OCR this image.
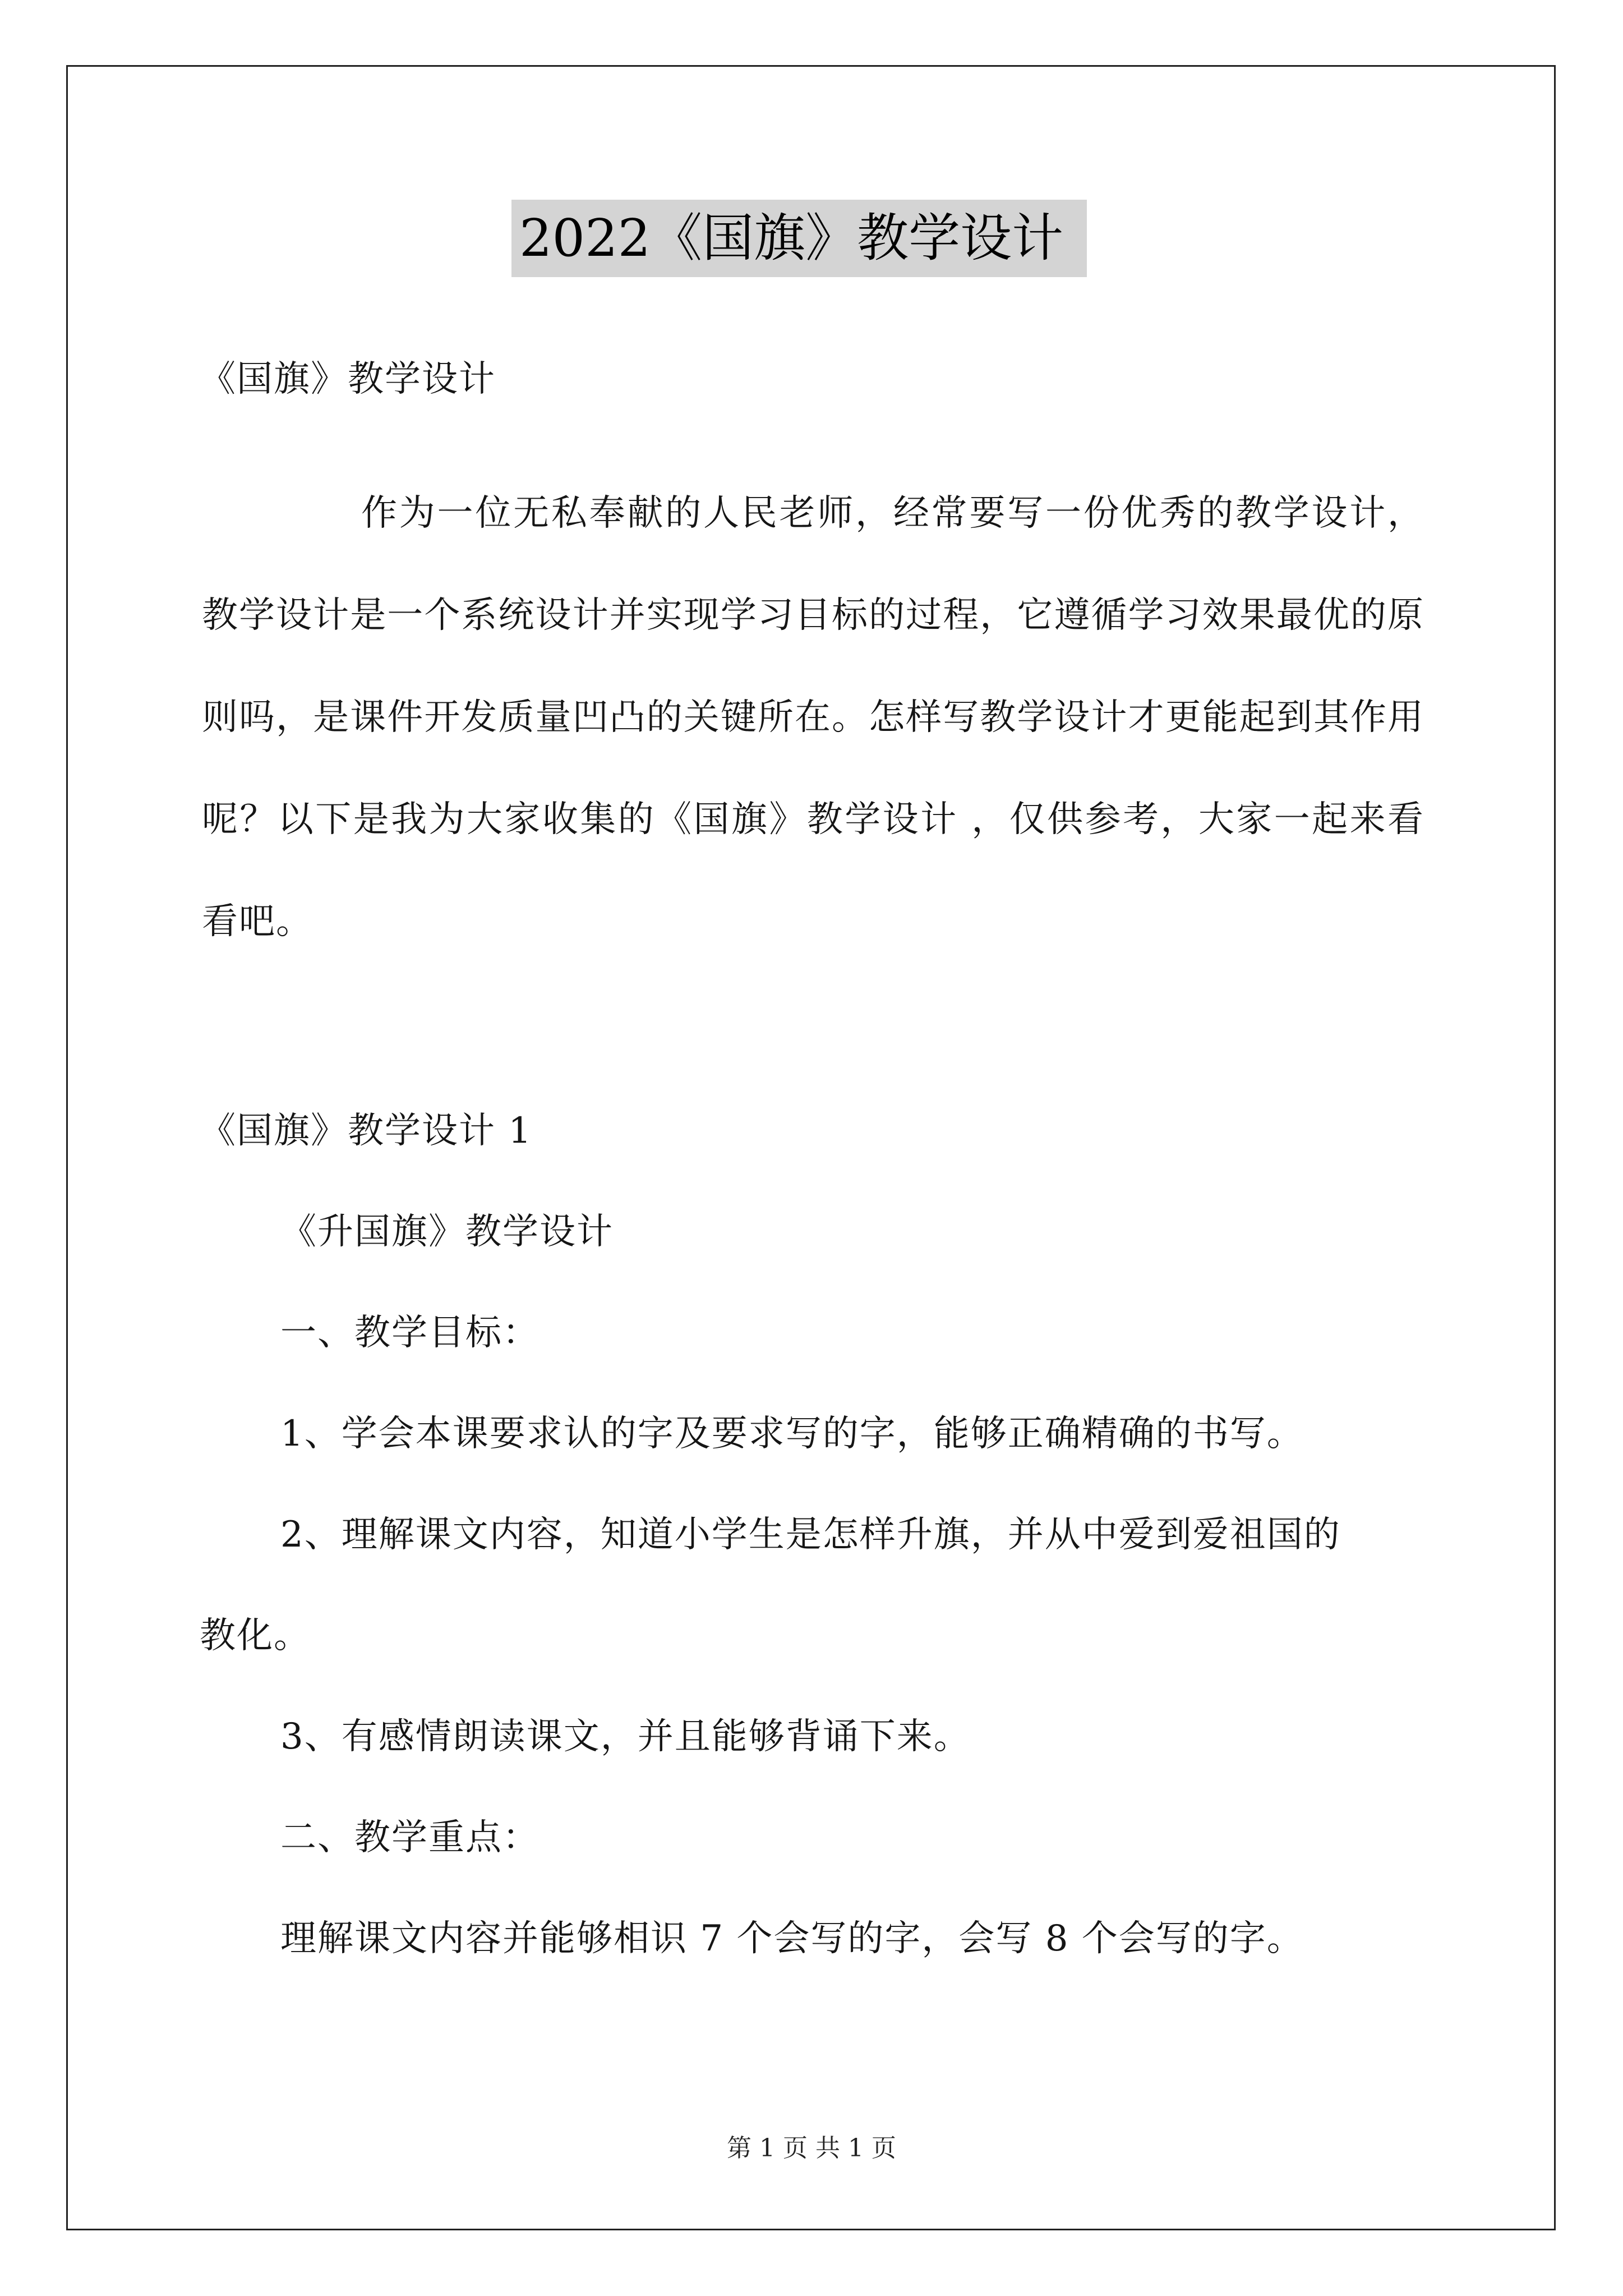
2022《国旗》教学设计
《国旗》教学设计
作为一位无私奉献的人民老师，经常要写一份优秀的教学设计，教学设计是一个系统设计并实现学习目标的过程，它遵循学习效果最优的原则吗，是课件开发质量凹凸的关键所在。怎样写教学设计才更能起到其作用呢？以下是我为大家收集的《国旗》教学设计 ，仅供参考，大家一起来看看吧。
《国旗》教学设计 1
《升国旗》教学设计
一、教学目标：
1、学会本课要求认的字及要求写的字，能够正确精确的书写。
2、理解课文内容，知道小学生是怎样升旗，并从中爱到爱祖国的
教化。
3、有感情朗读课文，并且能够背诵下来。
二、教学重点：
理解课文内容并能够相识 7 个会写的字，会写 8 个会写的字。
第 1 页 共 1 页
